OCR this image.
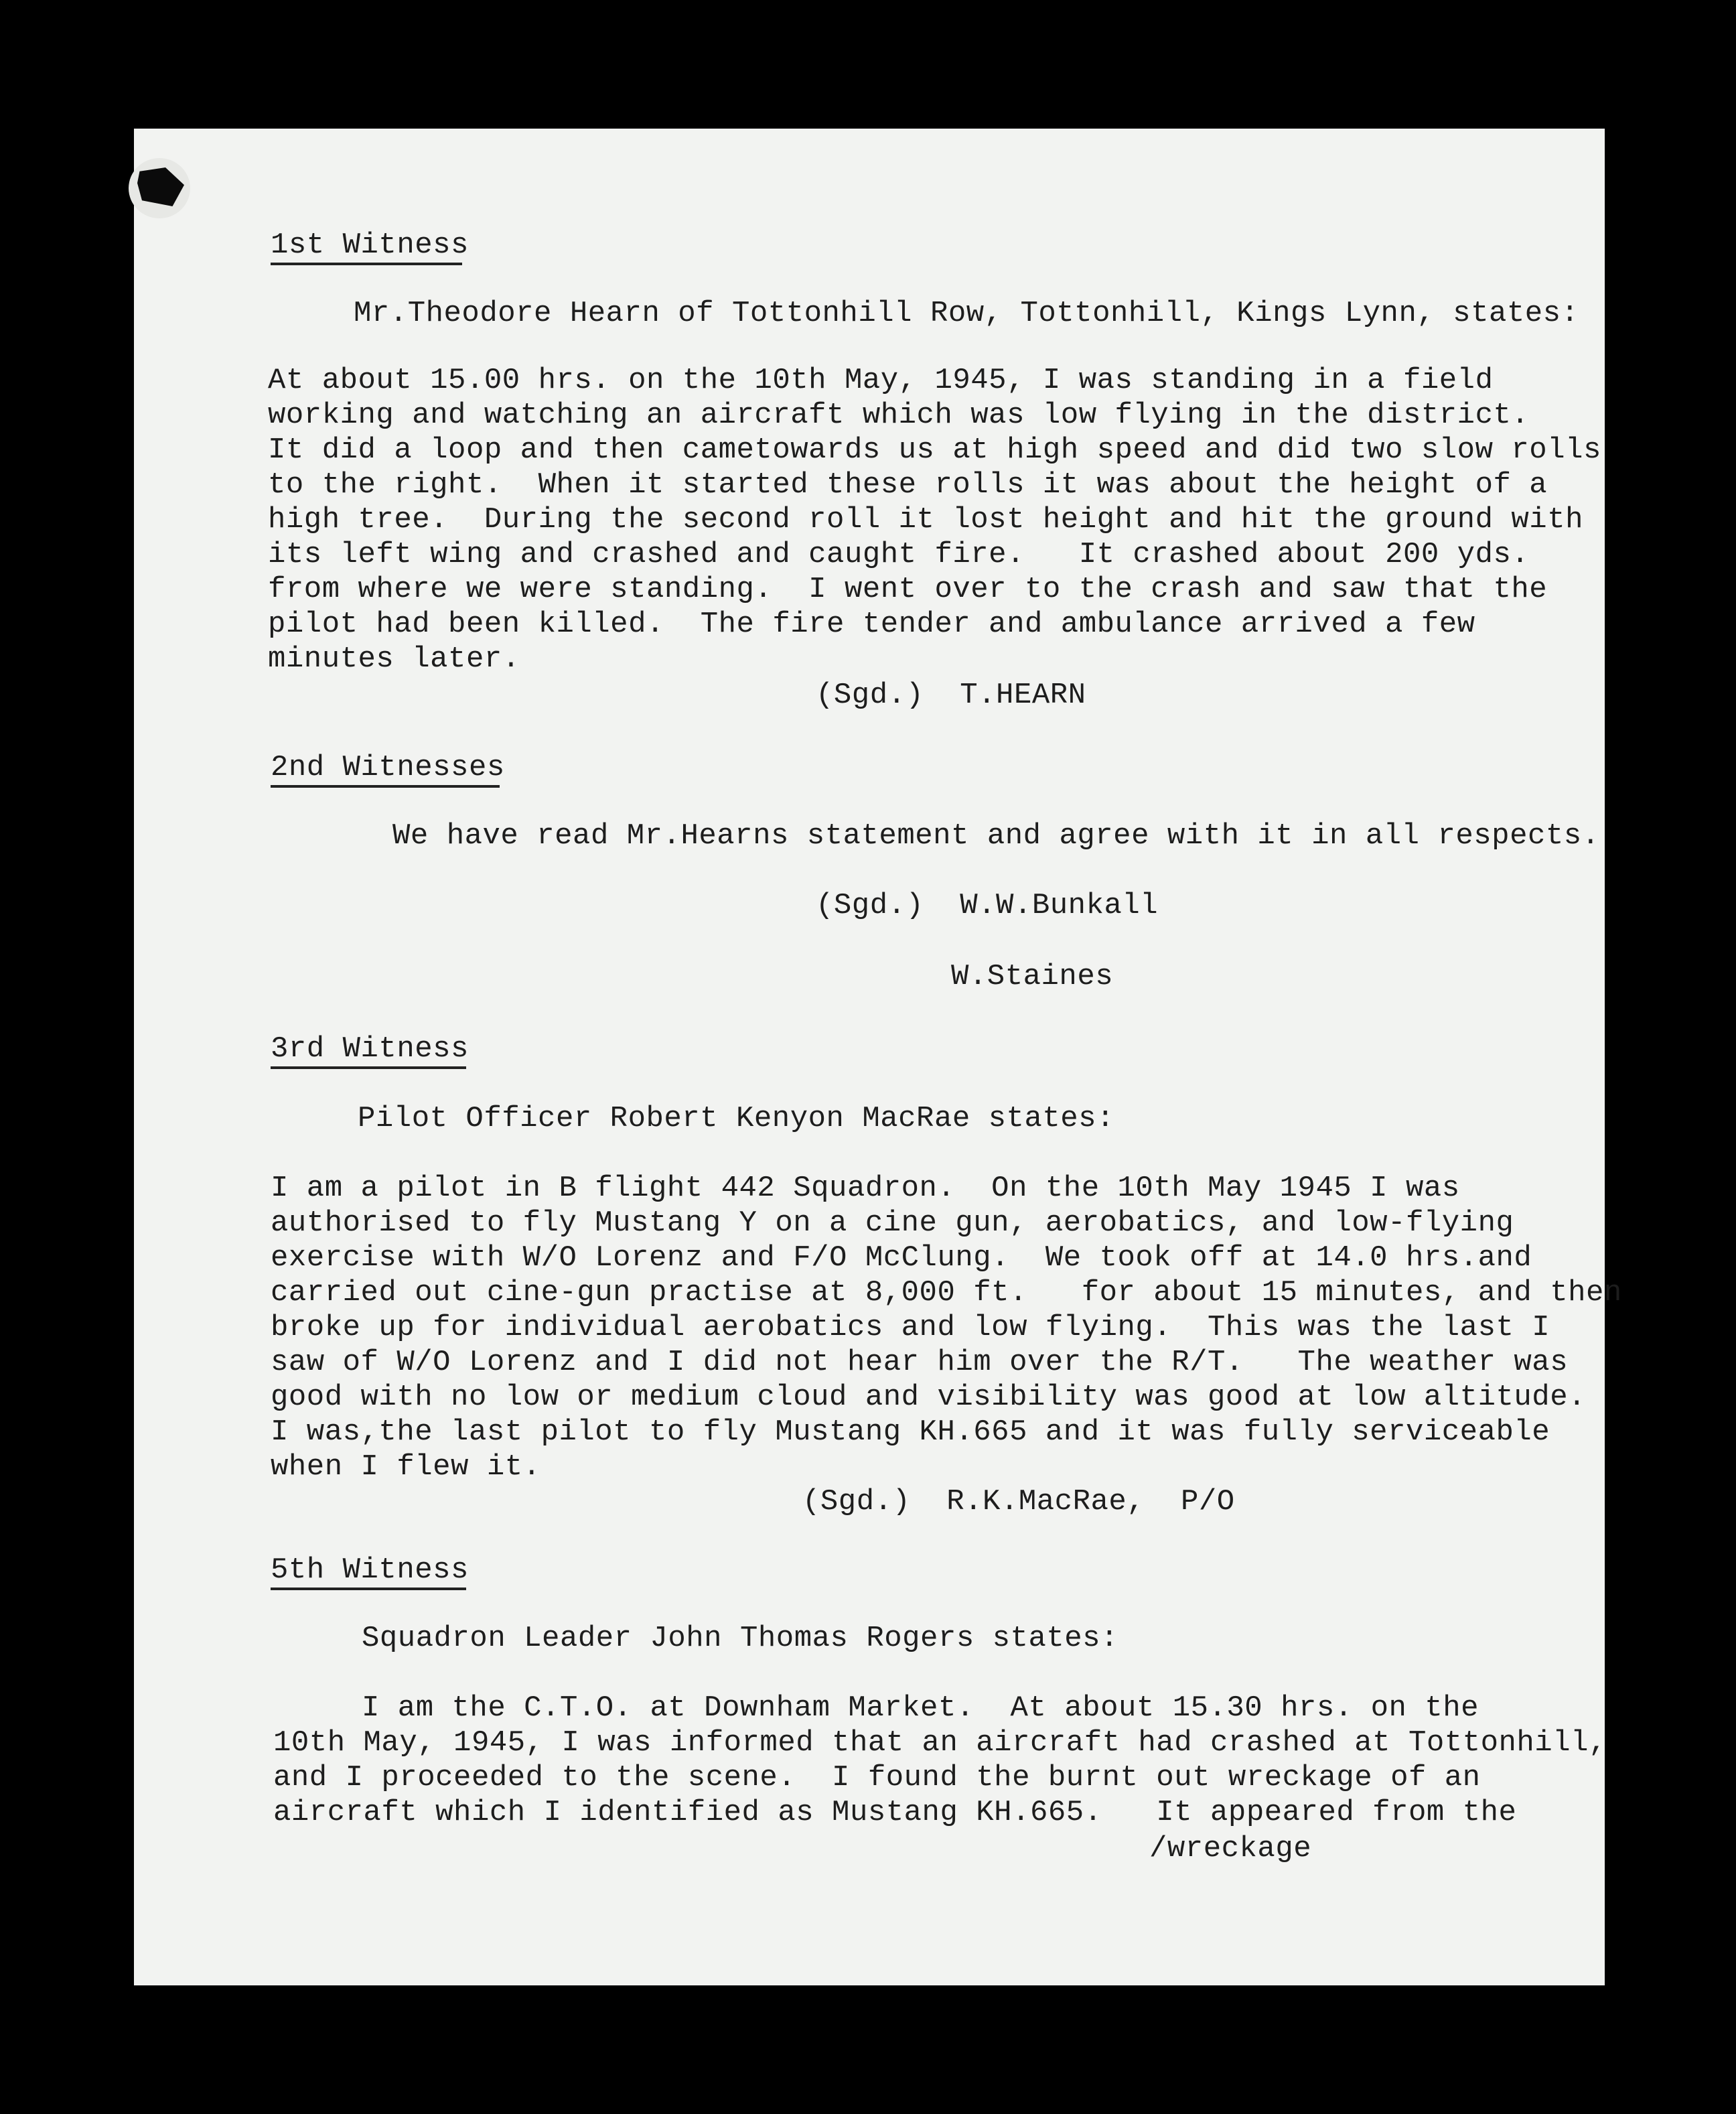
1st Witness
Mr.Theodore Hearn of Tottonhill Row, Tottonhill, Kings Lynn, states:
At about 15.00 hrs. on the 10th May, 1945, I was standing in a field
working and watching an aircraft which was low flying in the district.
It did a loop and then cametowards us at high speed and did two slow rolls
to the right.  When it started these rolls it was about the height of a
high tree.  During the second roll it lost height and hit the ground with
its left wing and crashed and caught fire.   It crashed about 200 yds.
from where we were standing.  I went over to the crash and saw that the
pilot had been killed.  The fire tender and ambulance arrived a few
minutes later.
(Sgd.)  T.HEARN
2nd Witnesses
We have read Mr.Hearns statement and agree with it in all respects.
(Sgd.)  W.W.Bunkall
W.Staines
3rd Witness
Pilot Officer Robert Kenyon MacRae states:
I am a pilot in B flight 442 Squadron.  On the 10th May 1945 I was
authorised to fly Mustang Y on a cine gun, aerobatics, and low-flying
exercise with W/O Lorenz and F/O McClung.  We took off at 14.0 hrs.and
carried out cine-gun practise at 8,000 ft.   for about 15 minutes, and then
broke up for individual aerobatics and low flying.  This was the last I
saw of W/O Lorenz and I did not hear him over the R/T.   The weather was
good with no low or medium cloud and visibility was good at low altitude.
I was,the last pilot to fly Mustang KH.665 and it was fully serviceable
when I flew it.
(Sgd.)  R.K.MacRae,  P/O
5th Witness
Squadron Leader John Thomas Rogers states:
I am the C.T.O. at Downham Market.  At about 15.30 hrs. on the
10th May, 1945, I was informed that an aircraft had crashed at Tottonhill,
and I proceeded to the scene.  I found the burnt out wreckage of an
aircraft which I identified as Mustang KH.665.   It appeared from the
/wreckage
